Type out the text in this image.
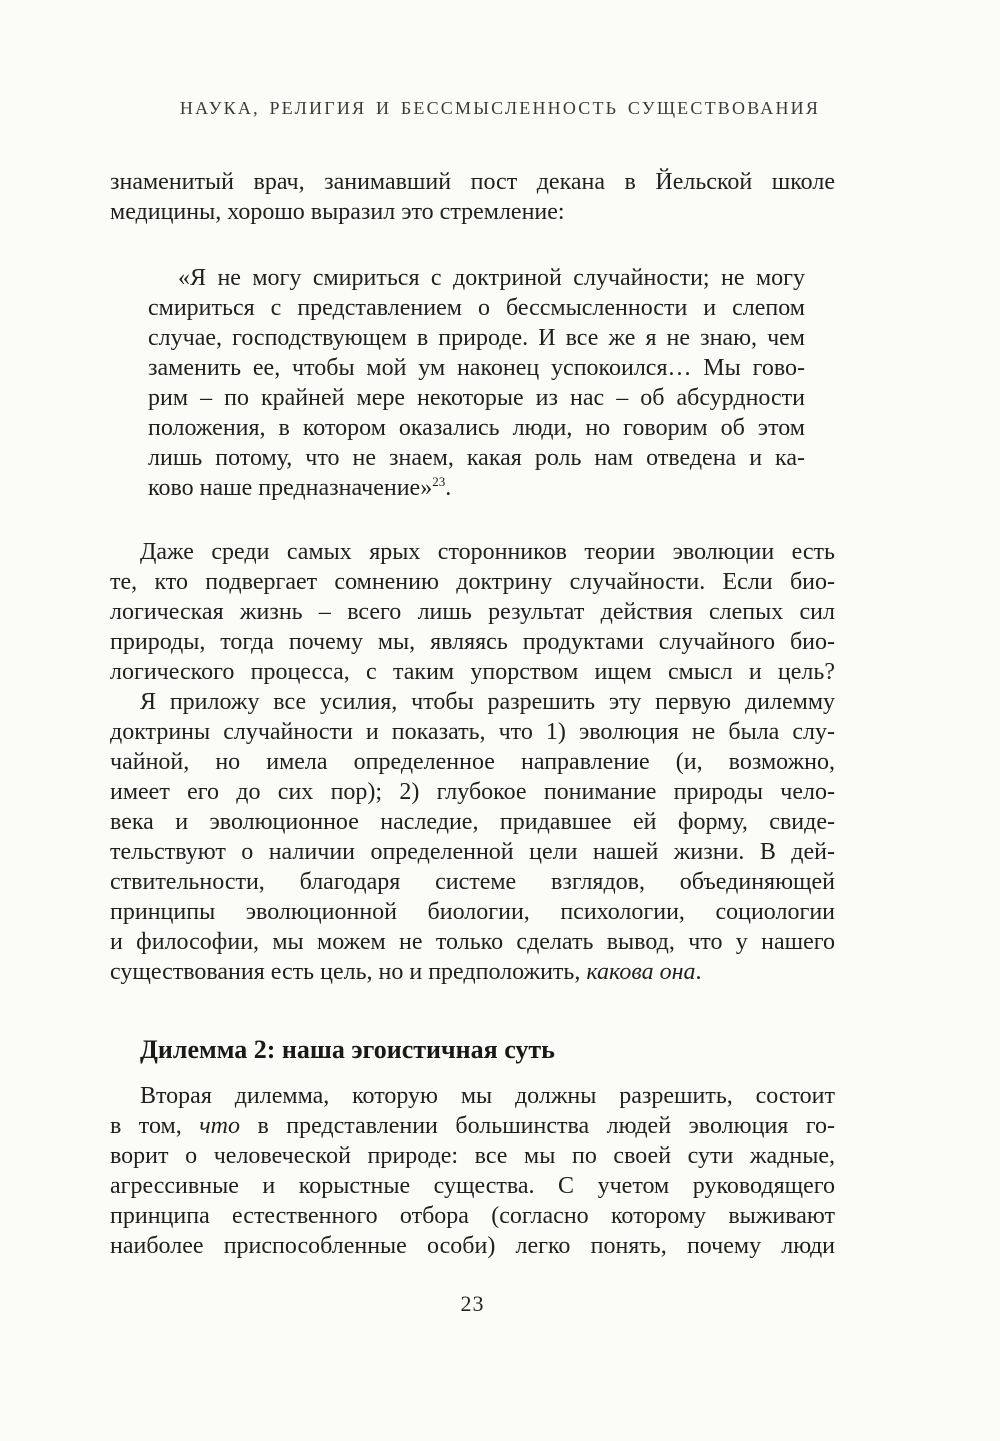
НАУКА, РЕЛИГИЯ И БЕССМЫСЛЕННОСТЬ СУЩЕСТВОВАНИЯ
знаменитый врач, занимавший пост декана в Йельской школе
медицины, хорошо выразил это стремление:
«Я не могу смириться с доктриной случайности; не могу
смириться с представлением о бессмысленности и слепом
случае, господствующем в природе. И все же я не знаю, чем
заменить ее, чтобы мой ум наконец успокоился… Мы гово-
рим – по крайней мере некоторые из нас – об абсурдности
положения, в котором оказались люди, но говорим об этом
лишь потому, что не знаем, какая роль нам отведена и ка-
ково наше предназначение»$^{23}$.
Даже среди самых ярых сторонников теории эволюции есть
те, кто подвергает сомнению доктрину случайности. Если био-
логическая жизнь – всего лишь результат действия слепых сил
природы, тогда почему мы, являясь продуктами случайного био-
логического процесса, с таким упорством ищем смысл и цель?
Я приложу все усилия, чтобы разрешить эту первую дилемму
доктрины случайности и показать, что 1) эволюция не была слу-
чайной, но имела определенное направление (и, возможно,
имеет его до сих пор); 2) глубокое понимание природы чело-
века и эволюционное наследие, придавшее ей форму, свиде-
тельствуют о наличии определенной цели нашей жизни. В дей-
ствительности, благодаря системе взглядов, объединяющей
принципы эволюционной биологии, психологии, социологии
и философии, мы можем не только сделать вывод, что у нашего
существования есть цель, но и предположить, какова она.
Дилемма 2: наша эгоистичная суть
Вторая дилемма, которую мы должны разрешить, состоит
в том, что в представлении большинства людей эволюция го-
ворит о человеческой природе: все мы по своей сути жадные,
агрессивные и корыстные существа. С учетом руководящего
принципа естественного отбора (согласно которому выживают
наиболее приспособленные особи) легко понять, почему люди
23
